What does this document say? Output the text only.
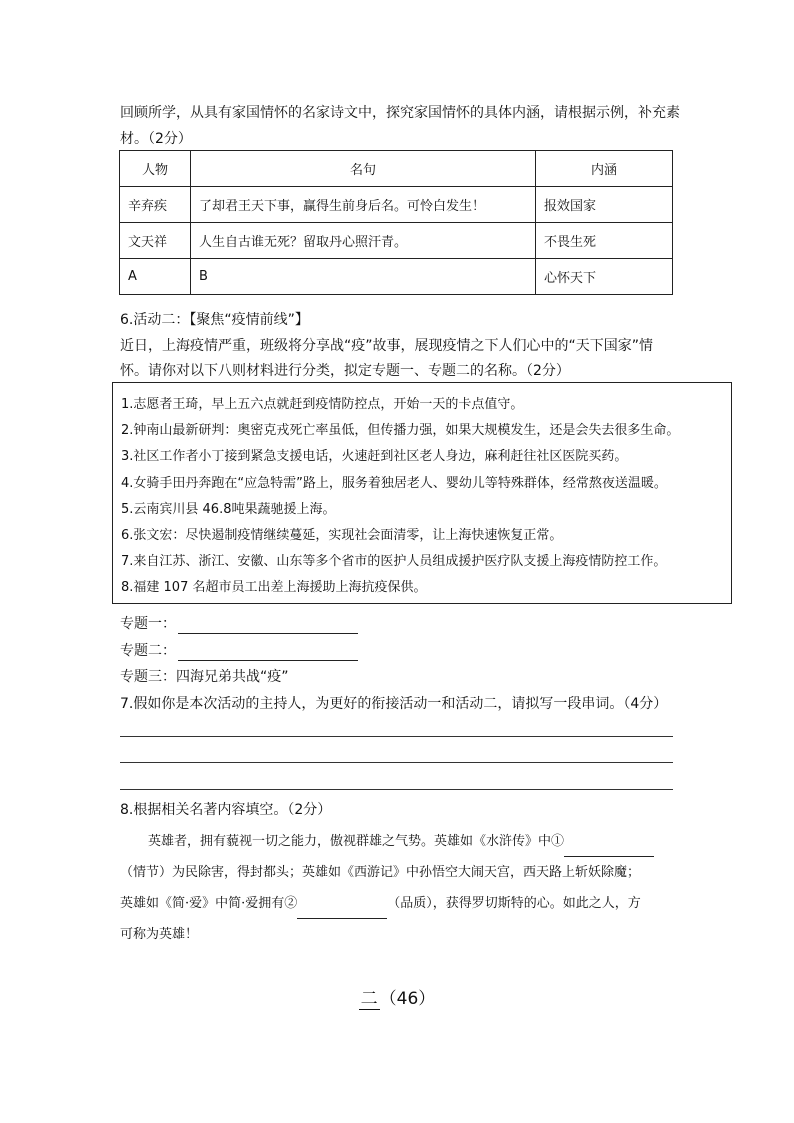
回顾所学，从具有家国情怀的名家诗文中，探究家国情怀的具体内涵，请根据示例，补充素
材。（2分）
人物	名句	内涵
辛弃疾	了却君王天下事，赢得生前身后名。可怜白发生！	报效国家
文天祥	人生自古谁无死？留取丹心照汗青。	不畏生死
A	B	心怀天下
6.活动二：【聚焦“疫情前线”】
近日，上海疫情严重，班级将分享战“疫”故事，展现疫情之下人们心中的“天下国家”情
怀。请你对以下八则材料进行分类，拟定专题一、专题二的名称。（2分）
1.志愿者王琦，早上五六点就赶到疫情防控点，开始一天的卡点值守。
2.钟南山最新研判：奥密克戎死亡率虽低，但传播力强，如果大规模发生，还是会失去很多生命。
3.社区工作者小丁接到紧急支援电话，火速赶到社区老人身边，麻利赶往社区医院买药。
4.女骑手田丹奔跑在“应急特需”路上，服务着独居老人、婴幼儿等特殊群体，经常熬夜送温暖。
5.云南宾川县 46.8吨果蔬驰援上海。
6.张文宏：尽快遏制疫情继续蔓延，实现社会面清零，让上海快速恢复正常。
7.来自江苏、浙江、安徽、山东等多个省市的医护人员组成援护医疗队支援上海疫情防控工作。
8.福建 107 名超市员工出差上海援助上海抗疫保供。
专题一：
专题二：
专题三：四海兄弟共战“疫”
7.假如你是本次活动的主持人，为更好的衔接活动一和活动二，请拟写一段串词。（4分）
8.根据相关名著内容填空。（2分）
英雄者，拥有藐视一切之能力，傲视群雄之气势。英雄如《水浒传》中①
（情节）为民除害，得封都头；英雄如《西游记》中孙悟空大闹天宫，西天路上斩妖除魔；
英雄如《简·爱》中简·爱拥有②	（品质），获得罗切斯特的心。如此之人，方
可称为英雄！
二 （46）
